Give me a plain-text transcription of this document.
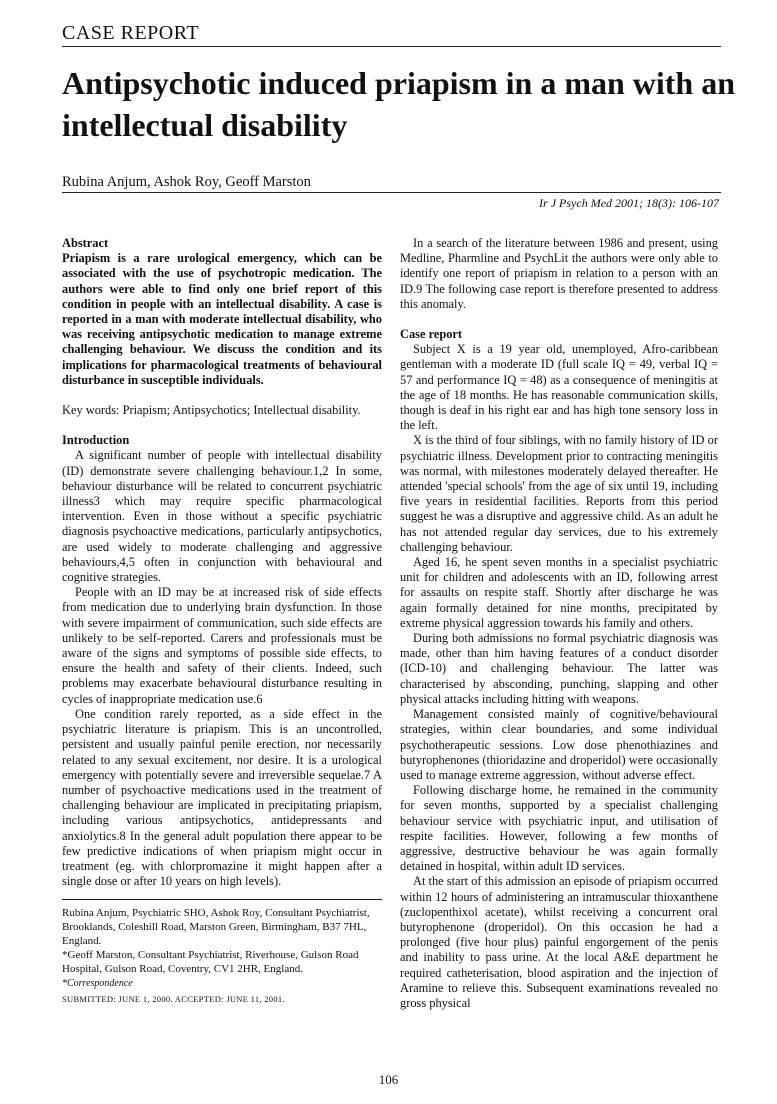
CASE REPORT
Antipsychotic induced priapism in a man with an intellectual disability
Rubina Anjum, Ashok Roy, Geoff Marston
Ir J Psych Med 2001; 18(3): 106-107
Abstract

Priapism is a rare urological emergency, which can be associated with the use of psychotropic medication. The authors were able to find only one brief report of this condition in people with an intellectual disability. A case is reported in a man with moderate intellectual disability, who was receiving antipsychotic medication to manage extreme challenging behaviour. We discuss the condition and its implications for pharmacological treatments of behavioural disturbance in susceptible individuals.

Key words: Priapism; Antipsychotics; Intellectual disability.

Introduction

A significant number of people with intellectual disability (ID) demonstrate severe challenging behaviour.1,2 In some, behaviour disturbance will be related to concurrent psychiatric illness3 which may require specific pharmacological intervention. Even in those without a specific psychiatric diagnosis psychoactive medications, particularly antipsychotics, are used widely to moderate challenging and aggressive behaviours,4,5 often in conjunction with behavioural and cognitive strategies.

People with an ID may be at increased risk of side effects from medication due to underlying brain dysfunction. In those with severe impairment of communication, such side effects are unlikely to be self-reported. Carers and professionals must be aware of the signs and symptoms of possible side effects, to ensure the health and safety of their clients. Indeed, such problems may exacerbate behavioural disturbance resulting in cycles of inappropriate medication use.6

One condition rarely reported, as a side effect in the psychiatric literature is priapism. This is an uncontrolled, persistent and usually painful penile erection, nor necessarily related to any sexual excitement, nor desire. It is a urological emergency with potentially severe and irreversible sequelae.7 A number of psychoactive medications used in the treatment of challenging behaviour are implicated in precipitating priapism, including various antipsychotics, antidepressants and anxiolytics.8 In the general adult population there appear to be few predictive indications of when priapism might occur in treatment (eg. with chlorpromazine it might happen after a single dose or after 10 years on high levels).

Rubina Anjum, Psychiatric SHO, Ashok Roy, Consultant Psychiatrist, Brooklands, Coleshill Road, Marston Green, Birmingham, B37 7HL, England.

*Geoff Marston, Consultant Psychiatrist, Riverhouse, Gulson Road Hospital, Gulson Road, Coventry, CV1 2HR, England.

*Correspondence

SUBMITTED: JUNE 1, 2000. ACCEPTED: JUNE 11, 2001.

In a search of the literature between 1986 and present, using Medline, Pharmline and PsychLit the authors were only able to identify one report of priapism in relation to a person with an ID.9 The following case report is therefore presented to address this anomaly.

Case report

Subject X is a 19 year old, unemployed, Afro-caribbean gentleman with a moderate ID (full scale IQ = 49, verbal IQ = 57 and performance IQ = 48) as a consequence of meningitis at the age of 18 months. He has reasonable communication skills, though is deaf in his right ear and has high tone sensory loss in the left.

X is the third of four siblings, with no family history of ID or psychiatric illness. Development prior to contracting meningitis was normal, with milestones moderately delayed thereafter. He attended 'special schools' from the age of six until 19, including five years in residential facilities. Reports from this period suggest he was a disruptive and aggressive child. As an adult he has not attended regular day services, due to his extremely challenging behaviour.

Aged 16, he spent seven months in a specialist psychiatric unit for children and adolescents with an ID, following arrest for assaults on respite staff. Shortly after discharge he was again formally detained for nine months, precipitated by extreme physical aggression towards his family and others.

During both admissions no formal psychiatric diagnosis was made, other than him having features of a conduct disorder (ICD-10) and challenging behaviour. The latter was characterised by absconding, punching, slapping and other physical attacks including hitting with weapons.

Management consisted mainly of cognitive/behavioural strategies, within clear boundaries, and some individual psychotherapeutic sessions. Low dose phenothiazines and butyrophenones (thioridazine and droperidol) were occasionally used to manage extreme aggression, without adverse effect.

Following discharge home, he remained in the community for seven months, supported by a specialist challenging behaviour service with psychiatric input, and utilisation of respite facilities. However, following a few months of aggressive, destructive behaviour he was again formally detained in hospital, within adult ID services.

At the start of this admission an episode of priapism occurred within 12 hours of administering an intramuscular thioxanthene (zuclopenthixol acetate), whilst receiving a concurrent oral butyrophenone (droperidol). On this occasion he had a prolonged (five hour plus) painful engorgement of the penis and inability to pass urine. At the local A&E department he required catheterisation, blood aspiration and the injection of Aramine to relieve this. Subsequent examinations revealed no gross physical

106
